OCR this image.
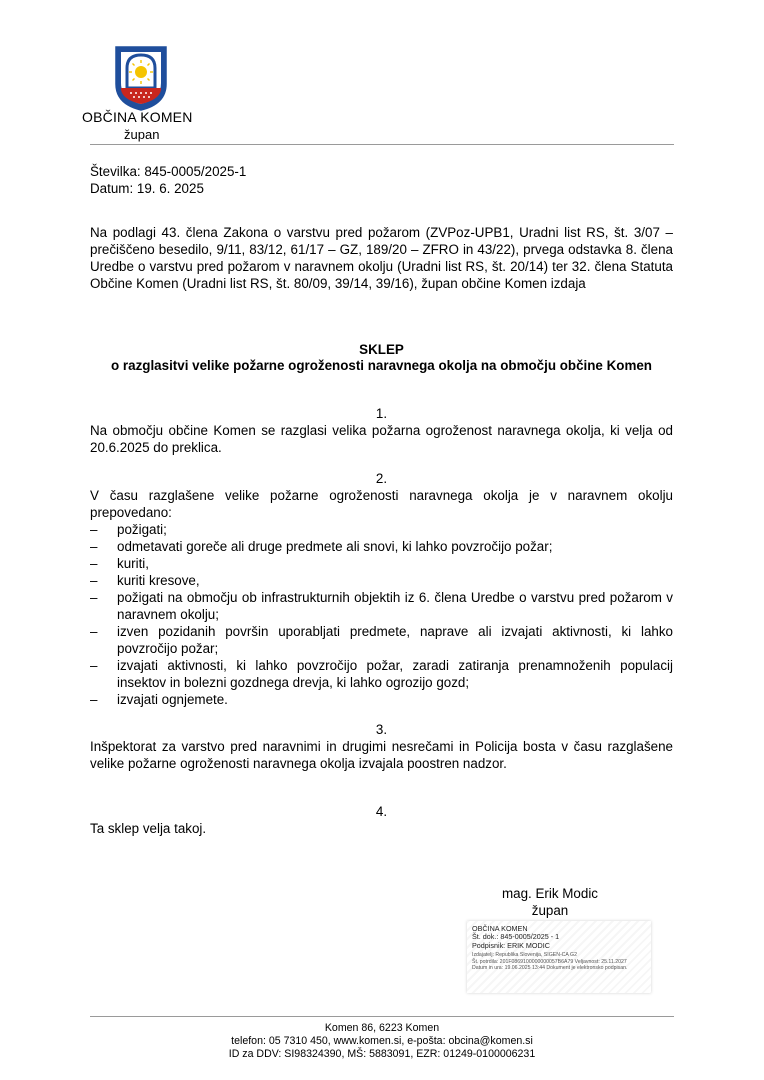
OBČINA KOMEN
župan
Številka: 845-0005/2025-1
Datum: 19. 6. 2025
Na podlagi 43. člena Zakona o varstvu pred požarom (ZVPoz-UPB1, Uradni list RS, št. 3/07 – prečiščeno besedilo, 9/11, 83/12, 61/17 – GZ, 189/20 – ZFRO in 43/22), prvega odstavka 8. člena Uredbe o varstvu pred požarom v naravnem okolju (Uradni list RS, št. 20/14) ter 32. člena Statuta Občine Komen (Uradni list RS, št. 80/09, 39/14, 39/16), župan občine Komen izdaja
SKLEP
o razglasitvi velike požarne ogroženosti naravnega okolja na območju občine Komen
1.
Na območju občine Komen se razglasi velika požarna ogroženost naravnega okolja, ki velja od 20.6.2025 do preklica.
2.
V času razglašene velike požarne ogroženosti naravnega okolja je v naravnem okolju prepovedano:
– požigati;
– odmetavati goreče ali druge predmete ali snovi, ki lahko povzročijo požar;
– kuriti,
– kuriti kresove,
– požigati na območju ob infrastrukturnih objektih iz 6. člena Uredbe o varstvu pred požarom v naravnem okolju;
– izven pozidanih površin uporabljati predmete, naprave ali izvajati aktivnosti, ki lahko povzročijo požar;
– izvajati aktivnosti, ki lahko povzročijo požar, zaradi zatiranja prenamnoženih populacij insektov in bolezni gozdnega drevja, ki lahko ogrozijo gozd;
– izvajati ognjemete.
3.
Inšpektorat za varstvo pred naravnimi in drugimi nesrečami in Policija bosta v času razglašene velike požarne ogroženosti naravnega okolja izvajala poostren nadzor.
4.
Ta sklep velja takoj.
mag. Erik Modic
župan
OBČINA KOMEN
Št. dok.: 845-0005/2025 - 1
Podpisnik: ERIK MODIC
Izdajatelj: Republika Slovenija, SIGEN-CA G2
Št. potrdila: 201F0869100000000057B6A79 Veljavnost: 25.11.2027
Datum in ura: 19.06.2025 13:44 Dokument je elektronsko podpisan.
Komen 86, 6223 Komen
telefon: 05 7310 450, www.komen.si, e-pošta: obcina@komen.si
ID za DDV: SI98324390, MŠ: 5883091, EZR: 01249-0100006231
